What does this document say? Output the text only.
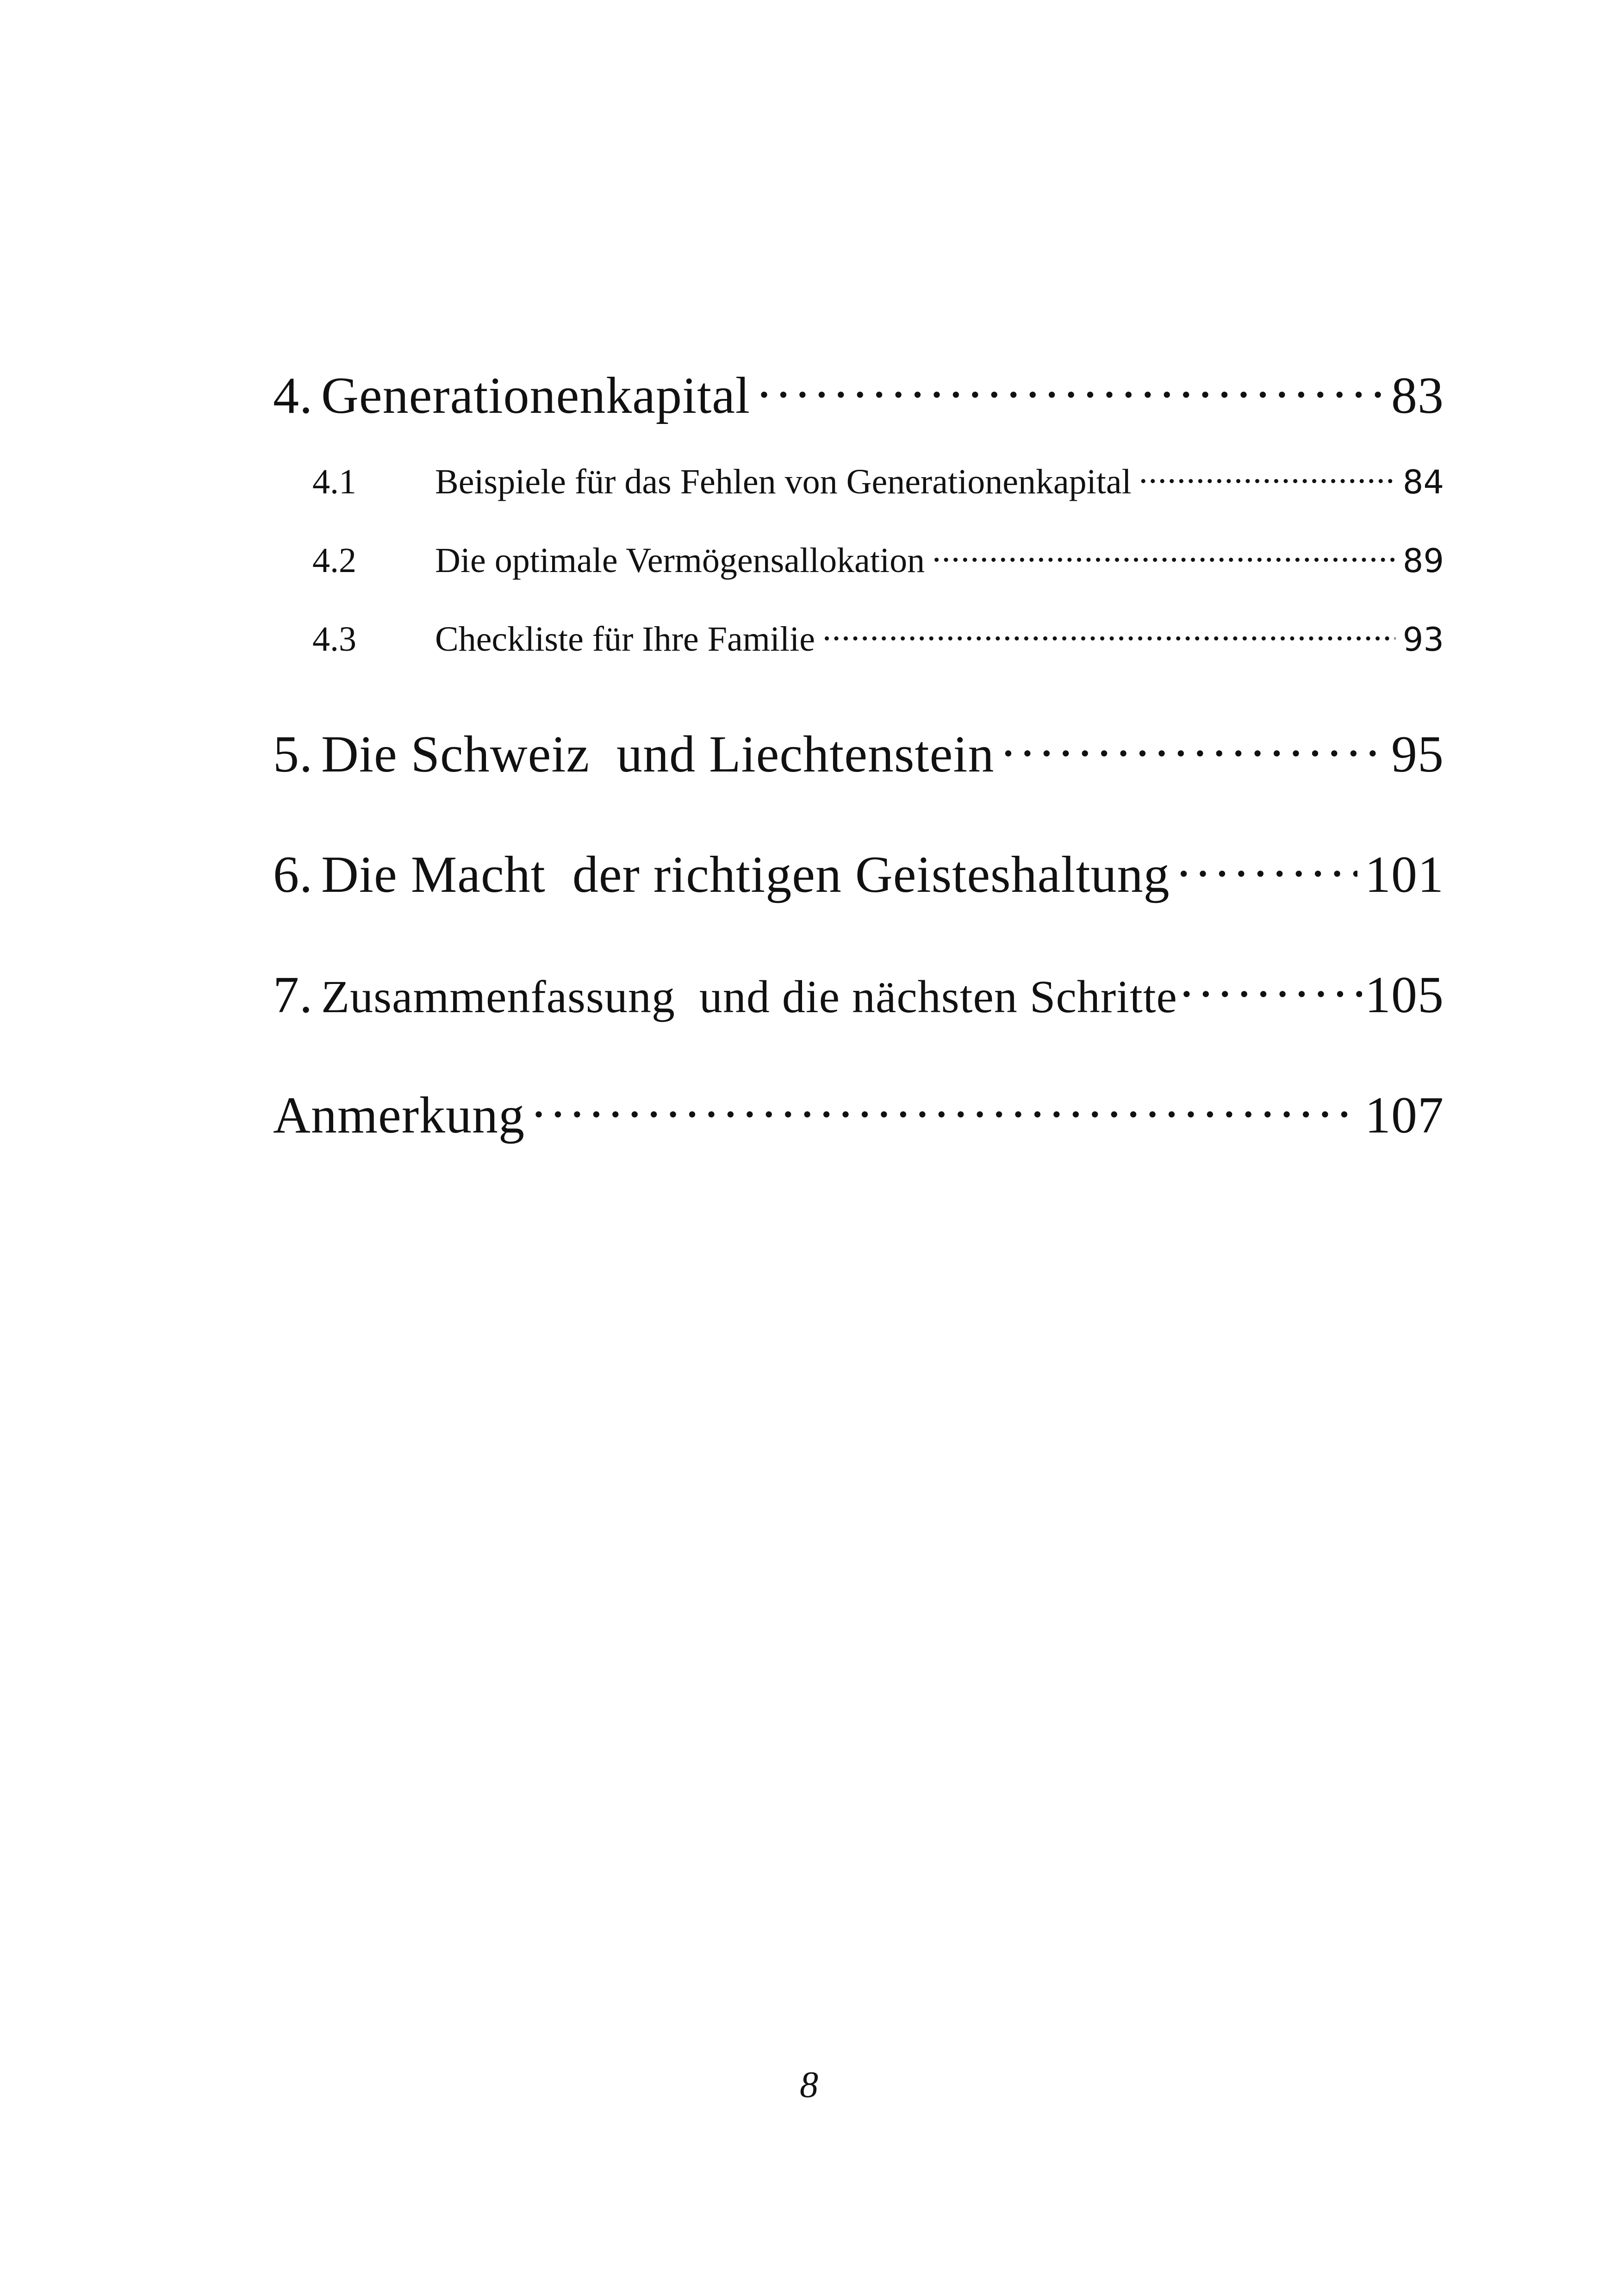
4. Generationenkapital .....	83
4.1	Beispiele für das Fehlen von Generationenkapital .....	84
4.2	Die optimale Vermögensallokation .....	89
4.3	Checkliste für Ihre Familie .....	93
5. Die Schweiz  und Liechtenstein .....	95
6. Die Macht  der richtigen Geisteshaltung .....	101
7. Zusammenfassung  und die nächsten Schritte .....	105
Anmerkung .....	107
8
